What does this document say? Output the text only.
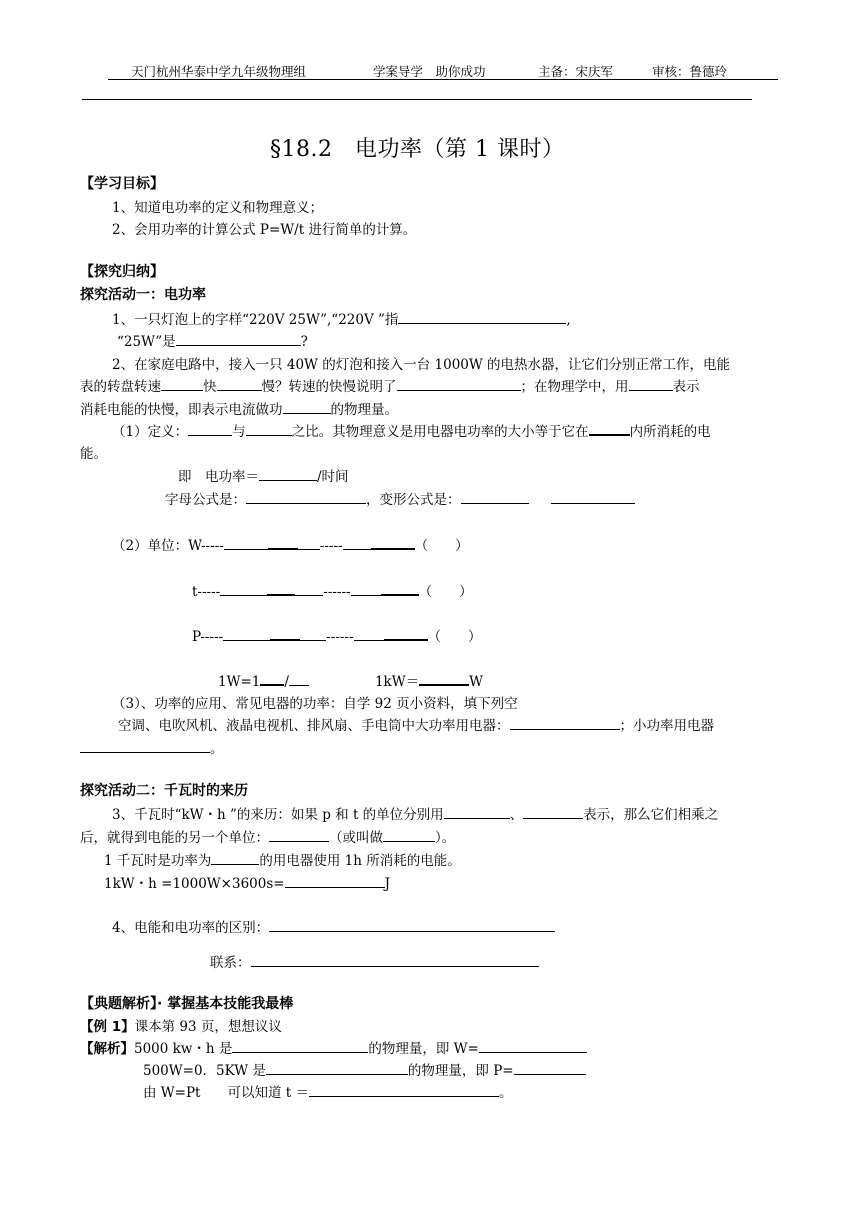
天门杭州华泰中学九年级物理组	学案导学　助你成功	主备：宋庆军	审核：鲁德玲
§18.2　电功率（第 1 课时）
【学习目标】
1、知道电功率的定义和物理意义；
2、会用功率的计算公式 P=W/t 进行简单的计算。
【探究归纳】
探究活动一：电功率
1、一只灯泡上的字样“220V 25W”,“220V ”指	,
“25W”是	?
2、在家庭电路中，接入一只 40W 的灯泡和接入一台 1000W 的电热水器，让它们分别正常工作，电能
表的转盘转速	快	慢？转速的快慢说明了	；在物理学中，用	表示
消耗电能的快慢，即表示电流做功	的物理量。
（1）定义：	与	之比。其物理意义是用电器电功率的大小等于它在	内所消耗的电
能。
即　电功率＝	/时间
字母公式是：	，变形公式是：
（2）单位：W-----	-----	（　　）
t-----	------	（　　）
P-----	------	（　　）
1W=1 /	1kW＝	W
（3）、功率的应用、常见电器的功率：自学 92 页小资料，填下列空
空调、电吹风机、液晶电视机、排风扇、手电筒中大功率用电器：	；小功率用电器
。
探究活动二：千瓦时的来历
3、千瓦时“kW・h ”的来历：如果 p 和 t 的单位分别用	、	表示，那么它们相乘之
后，就得到电能的另一个单位：	（或叫做	）。
1 千瓦时是功率为	的用电器使用 1h 所消耗的电能。
1kW・h =1000W×3600s=	J
4、电能和电功率的区别：
联系：
【典题解析】· 掌握基本技能我最棒
【例 1】课本第 93 页，想想议议
【解析】5000 kw・h 是	的物理量，即 W=
500W=0．5KW 是	的物理量，即 P=
由 W=Pt　　可以知道 t ＝	。
